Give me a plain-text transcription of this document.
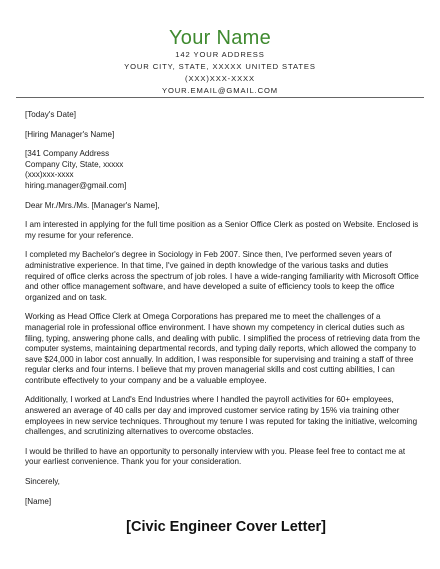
Your Name
142 YOUR ADDRESS
YOUR CITY, STATE, XXXXX UNITED STATES
(XXX)XXX-XXXX
YOUR.EMAIL@GMAIL.COM

[Today's Date]

[Hiring Manager's Name]

[341 Company Address
Company City, State, xxxxx
(xxx)xxx-xxxx
hiring.manager@gmail.com]

Dear Mr./Mrs./Ms. [Manager's Name],

I am interested in applying for the full time position as a Senior Office Clerk as posted on Website. Enclosed is my resume for your reference.

I completed my Bachelor's degree in Sociology in Feb 2007. Since then, I've performed seven years of administrative experience. In that time, I've gained in depth knowledge of the various tasks and duties required of office clerks across the spectrum of job roles. I have a wide-ranging familiarity with Microsoft Office and other office management software, and have developed a suite of efficiency tools to keep the office organized and on task.

Working as Head Office Clerk at Omega Corporations has prepared me to meet the challenges of a managerial role in professional office environment. I have shown my competency in clerical duties such as filing, typing, answering phone calls, and dealing with public. I simplified the process of retrieving data from the computer systems, maintaining departmental records, and typing daily reports, which allowed the company to save $24,000 in labor cost annually. In addition, I was responsible for supervising and training a staff of three regular clerks and four interns. I believe that my proven managerial skills and cost cutting abilities, I can contribute effectively to your company and be a valuable employee.

Additionally, I worked at Land's End Industries where I handled the payroll activities for 60+ employees, answered an average of 40 calls per day and improved customer service rating by 15% via training other employees in new service techniques. Throughout my tenure I was reputed for taking the initiative, welcoming challenges, and scrutinizing alternatives to overcome obstacles.

I would be thrilled to have an opportunity to personally interview with you. Please feel free to contact me at your earliest convenience. Thank you for your consideration.

Sincerely,

[Name]

[Civic Engineer Cover Letter]
